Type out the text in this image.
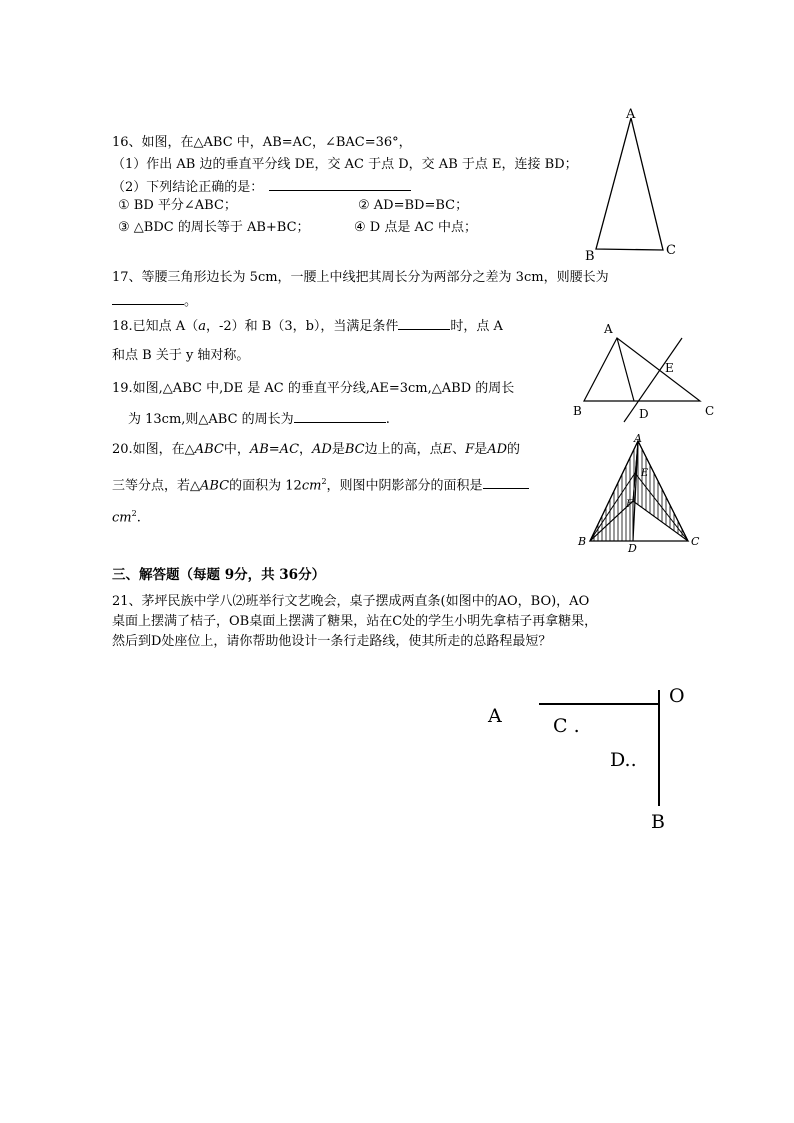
16、如图，在△ABC 中，AB=AC，∠BAC=36°，
（1）作出 AB 边的垂直平分线 DE，交 AC 于点 D，交 AB 于点 E，连接 BD；
（2）下列结论正确的是：
① BD 平分∠ABC；	② AD=BD=BC；
③ △BDC 的周长等于 AB+BC；	④ D 点是 AC 中点；
A
B	C
17、等腰三角形边长为 5cm，一腰上中线把其周长分为两部分之差为 3cm，则腰长为
。
18.已知点 A（a，-2）和 B（3，b），当满足条件	时，点 A
和点 B 关于 y 轴对称。
19.如图,△ABC 中,DE 是 AC 的垂直平分线,AE=3cm,△ABD 的周长
为 13cm,则△ABC 的周长为	.
A
B	C
D
E
20.如图，在△ABC中，AB=AC，AD是BC边上的高，点E、F是AD的
三等分点，若△ABC的面积为 $12cm^2$，则图中阴影部分的面积是
$cm^2$.
A
B	C
D
E
F
三、解答题（每题 9分，共 36分）
21、茅坪民族中学八⑵班举行文艺晚会，桌子摆成两直条(如图中的AO，BO)，AO
桌面上摆满了桔子，OB桌面上摆满了糖果，站在C处的学生小明先拿桔子再拿糖果，
然后到D处座位上，请你帮助他设计一条行走路线，使其所走的总路程最短？
A
O
C .
D..
B
